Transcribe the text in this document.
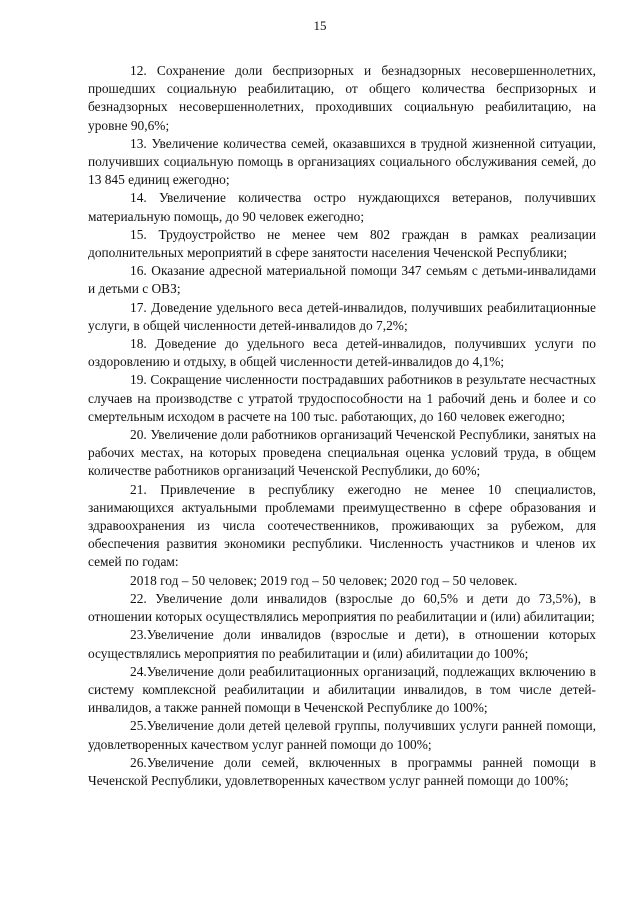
15

12. Сохранение доли беспризорных и безнадзорных несовершеннолетних, прошедших социальную реабилитацию, от общего количества беспризорных и безнадзорных несовершеннолетних, проходивших социальную реабилитацию, на уровне 90,6%;

13. Увеличение количества семей, оказавшихся в трудной жизненной ситуации, получивших социальную помощь в организациях социального обслуживания семей, до 13 845 единиц ежегодно;

14. Увеличение количества остро нуждающихся ветеранов, получивших материальную помощь, до 90 человек ежегодно;

15. Трудоустройство не менее чем 802 граждан в рамках реализации дополнительных мероприятий в сфере занятости населения Чеченской Республики;

16. Оказание адресной материальной помощи 347 семьям с детьми-инвалидами и детьми с ОВЗ;

17. Доведение удельного веса детей-инвалидов, получивших реабилитационные услуги, в общей численности детей-инвалидов до 7,2%;

18. Доведение до удельного веса детей-инвалидов, получивших услуги по оздоровлению и отдыху, в общей численности детей-инвалидов до 4,1%;

19. Сокращение численности пострадавших работников в результате несчастных случаев на производстве с утратой трудоспособности на 1 рабочий день и более и со смертельным исходом в расчете на 100 тыс. работающих, до 160 человек ежегодно;

20. Увеличение доли работников организаций Чеченской Республики, занятых на рабочих местах, на которых проведена специальная оценка условий труда, в общем количестве работников организаций Чеченской Республики, до 60%;

21. Привлечение в республику ежегодно не менее 10 специалистов, занимающихся актуальными проблемами преимущественно в сфере образования и здравоохранения из числа соотечественников, проживающих за рубежом, для обеспечения развития экономики республики. Численность участников и членов их семей по годам:

2018 год – 50 человек; 2019 год – 50 человек; 2020 год – 50 человек.

22. Увеличение доли инвалидов (взрослые до 60,5% и дети до 73,5%), в отношении которых осуществлялись мероприятия по реабилитации и (или) абилитации;

23.Увеличение доли инвалидов (взрослые и дети), в отношении которых осуществлялись мероприятия по реабилитации и (или) абилитации до 100%;

24.Увеличение доли реабилитационных организаций, подлежащих включению в систему комплексной реабилитации и абилитации инвалидов, в том числе детей-инвалидов, а также ранней помощи в Чеченской Республике до 100%;

25.Увеличение доли детей целевой группы, получивших услуги ранней помощи, удовлетворенных качеством услуг ранней помощи до 100%;

26.Увеличение доли семей, включенных в программы ранней помощи в Чеченской Республики, удовлетворенных качеством услуг ранней помощи до 100%;
